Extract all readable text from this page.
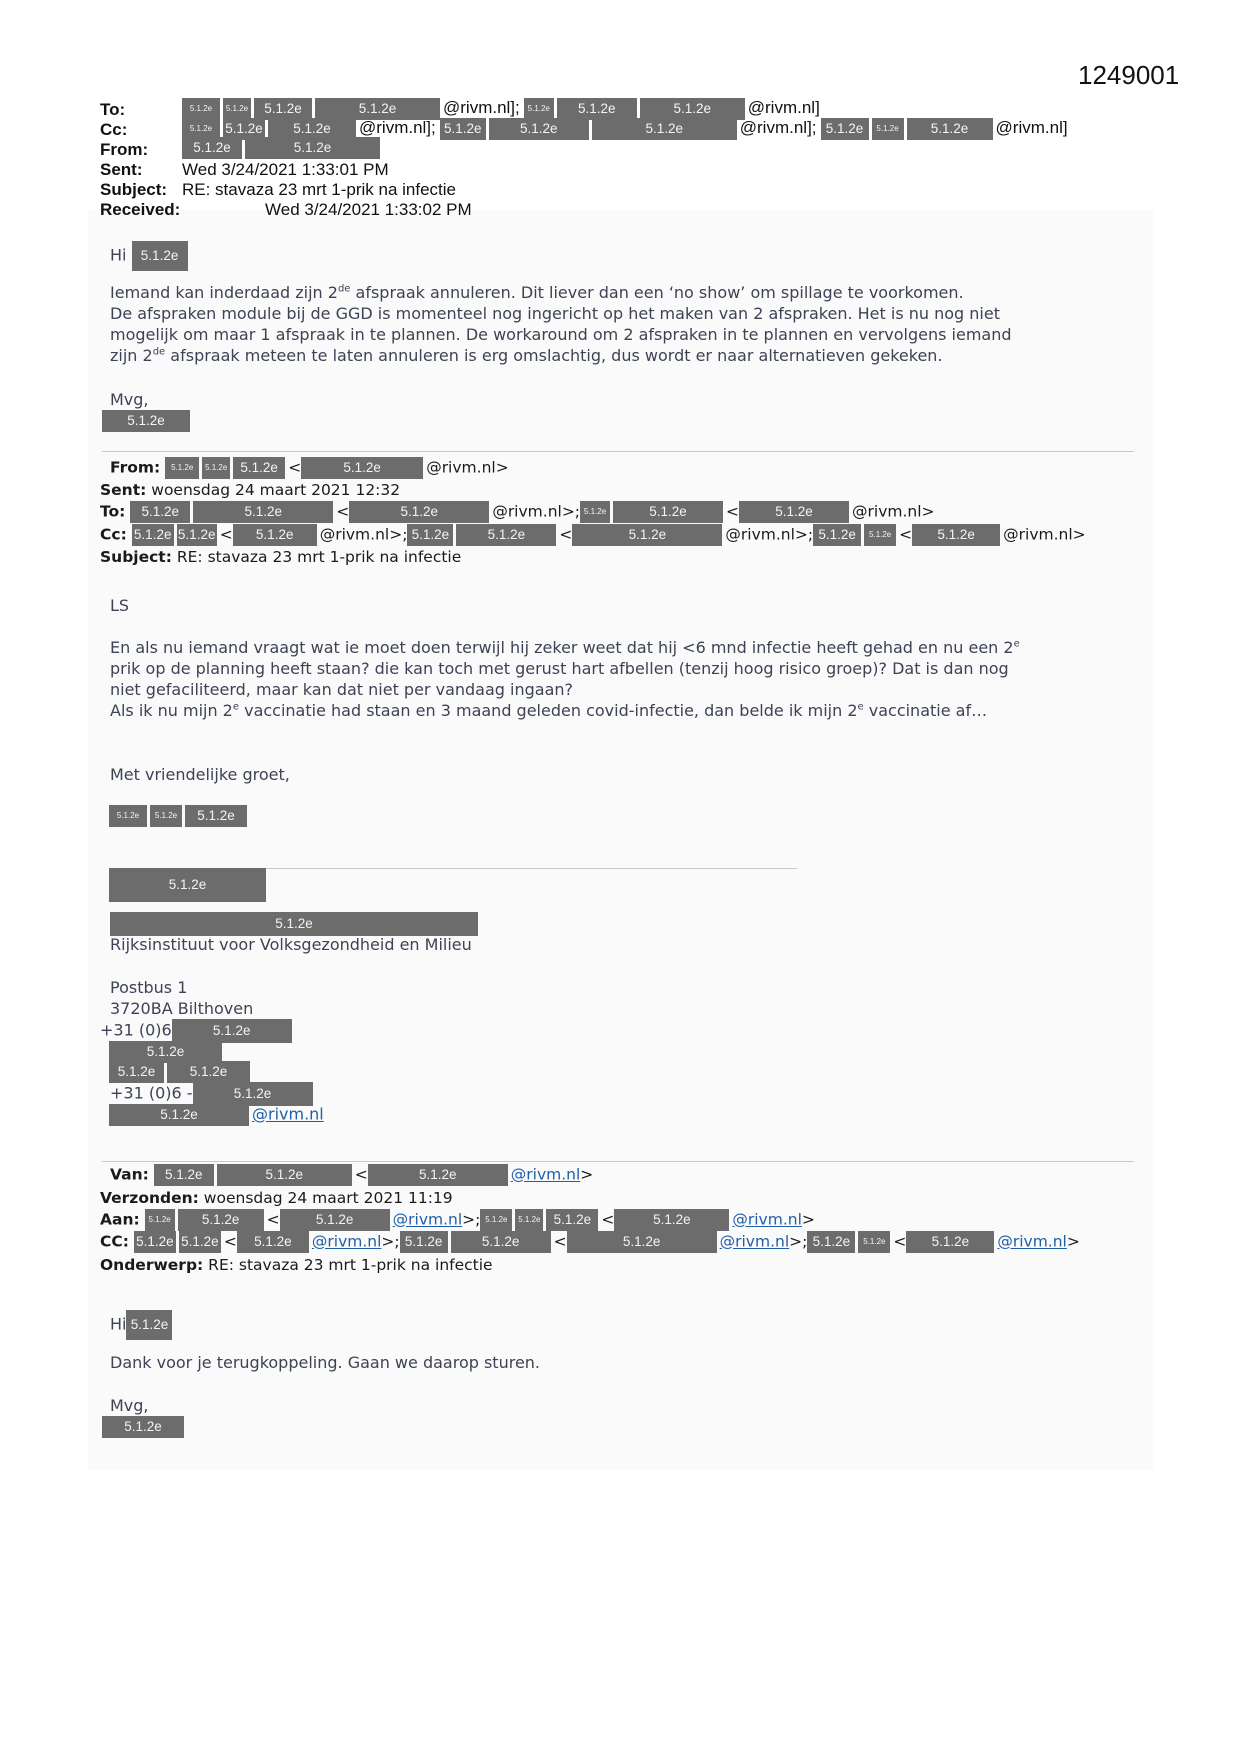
1249001
To:	5.1.2e 5.1.2e 5.1.2e	5.1.2e	@rivm.nl]; 5.1.2e 5.1.2e	5.1.2e @rivm.nl]
Cc:	5.1.2e 5.1.2e 5.1.2e @rivm.nl]; 5.1.2e	5.1.2e	5.1.2e	@rivm.nl]; 5.1.2e 5.1.2e 5.1.2e @rivm.nl]
From:	5.1.2e	5.1.2e
Sent: Wed 3/24/2021 1:33:01 PM
Subject: RE: stavaza 23 mrt 1-prik na infectie
Received:	Wed 3/24/2021 1:33:02 PM
Hi 5.1.2e
Iemand kan inderdaad zijn 2de afspraak annuleren. Dit liever dan een ‘no show’ om spillage te voorkomen.
De afspraken module bij de GGD is momenteel nog ingericht op het maken van 2 afspraken. Het is nu nog niet
mogelijk om maar 1 afspraak in te plannen. De workaround om 2 afspraken in te plannen en vervolgens iemand
zijn 2de afspraak meteen te laten annuleren is erg omslachtig, dus wordt er naar alternatieven gekeken.
Mvg,
5.1.2e
From: 5.1.2e 5.1.2e 5.1.2e <	5.1.2e	@rivm.nl>
Sent: woensdag 24 maart 2021 12:32
To: 5.1.2e	5.1.2e	<	5.1.2e	@rivm.nl>; 5.1.2e	5.1.2e	<	5.1.2e	@rivm.nl>
Cc: 5.1.2e 5.1.2e < 5.1.2e @rivm.nl>; 5.1.2e	5.1.2e <	5.1.2e	@rivm.nl>; 5.1.2e 5.1.2e < 5.1.2e @rivm.nl>
Subject: RE: stavaza 23 mrt 1-prik na infectie
LS
En als nu iemand vraagt wat ie moet doen terwijl hij zeker weet dat hij <6 mnd infectie heeft gehad en nu een 2e
prik op de planning heeft staan? die kan toch met gerust hart afbellen (tenzij hoog risico groep)? Dat is dan nog
niet gefaciliteerd, maar kan dat niet per vandaag ingaan?
Als ik nu mijn 2e vaccinatie had staan en 3 maand geleden covid-infectie, dan belde ik mijn 2e vaccinatie af…
Met vriendelijke groet,
5.1.2e 5.1.2e 5.1.2e
5.1.2e
5.1.2e
Rijksinstituut voor Volksgezondheid en Milieu
Postbus 1
3720BA Bilthoven
+31 (0)6	5.1.2e
5.1.2e
5.1.2e	5.1.2e
+31 (0)6 -	5.1.2e
5.1.2e	@rivm.nl
Van: 5.1.2e	5.1.2e	<	5.1.2e	@rivm.nl>
Verzonden: woensdag 24 maart 2021 11:19
Aan: 5.1.2e 5.1.2e <	5.1.2e	@rivm.nl>; 5.1.2e 5.1.2e 5.1.2e <	5.1.2e	@rivm.nl>
CC: 5.1.2e 5.1.2e < 5.1.2e @rivm.nl>; 5.1.2e	5.1.2e <	5.1.2e	@rivm.nl>; 5.1.2e 5.1.2e < 5.1.2e @rivm.nl>
Onderwerp: RE: stavaza 23 mrt 1-prik na infectie
Hi 5.1.2e
Dank voor je terugkoppeling. Gaan we daarop sturen.
Mvg,
5.1.2e
